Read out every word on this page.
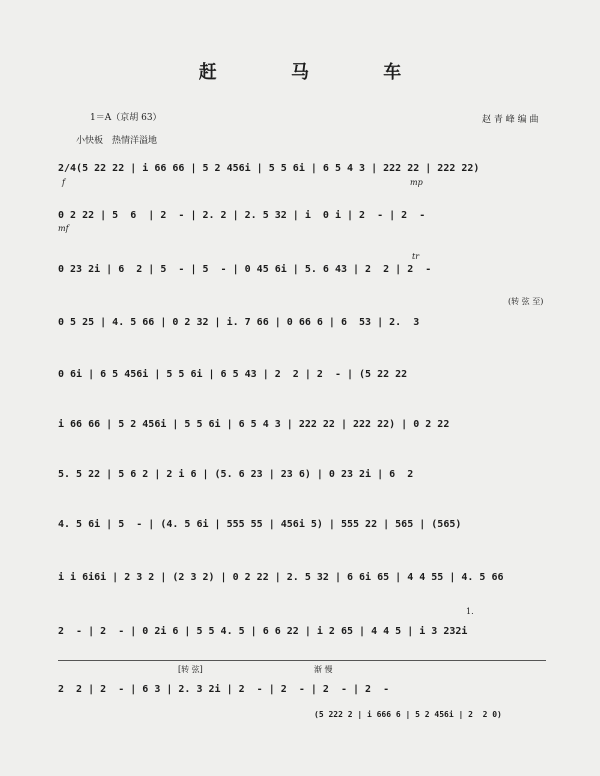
赶 马 车
1＝A（京胡 63）
小快板　热情洋溢地
赵 青 峰 编 曲
2/4(5 22 22 | i 66 66 | 5 2 456i | 5 5 6i | 6 5 4 3 | 222 22 | 222 22)
f	mp
0 2 22 | 5  6  | 2  - | 2. 2 | 2. 5 32 | i  0 i | 2  - | 2  -
mf
0 23 2i | 6  2 | 5  - | 5  - | 0 45 6i | 5. 6 43 | 2  2 | 2  -
tr
(转 弦 至)
0 5 25 | 4. 5 66 | 0 2 32 | i. 7 66 | 0 66 6 | 6  53 | 2.  3
0 6i | 6 5 456i | 5 5 6i | 6 5 43 | 2  2 | 2  - | (5 22 22
i 66 66 | 5 2 456i | 5 5 6i | 6 5 4 3 | 222 22 | 222 22) | 0 2 22
5. 5 22 | 5 6 2 | 2 i 6 | (5. 6 23 | 23 6) | 0 23 2i | 6  2
4. 5 6i | 5  - | (4. 5 6i | 555 55 | 456i 5) | 555 22 | 565 | (565)
i i 6i6i | 2 3 2 | (2 3 2) | 0 2 22 | 2. 5 32 | 6 6i 65 | 4 4 55 | 4. 5 66
1.
2  - | 2  - | 0 2i 6 | 5 5 4. 5 | 6 6 22 | i 2 65 | 4 4 5 | i 3 232i
[转 弦]	渐 慢
2  2 | 2  - | 6 3 | 2. 3 2i | 2  - | 2  - | 2  - | 2  -
(5 222 2 | i 666 6 | 5 2 456i | 2  2 0)
